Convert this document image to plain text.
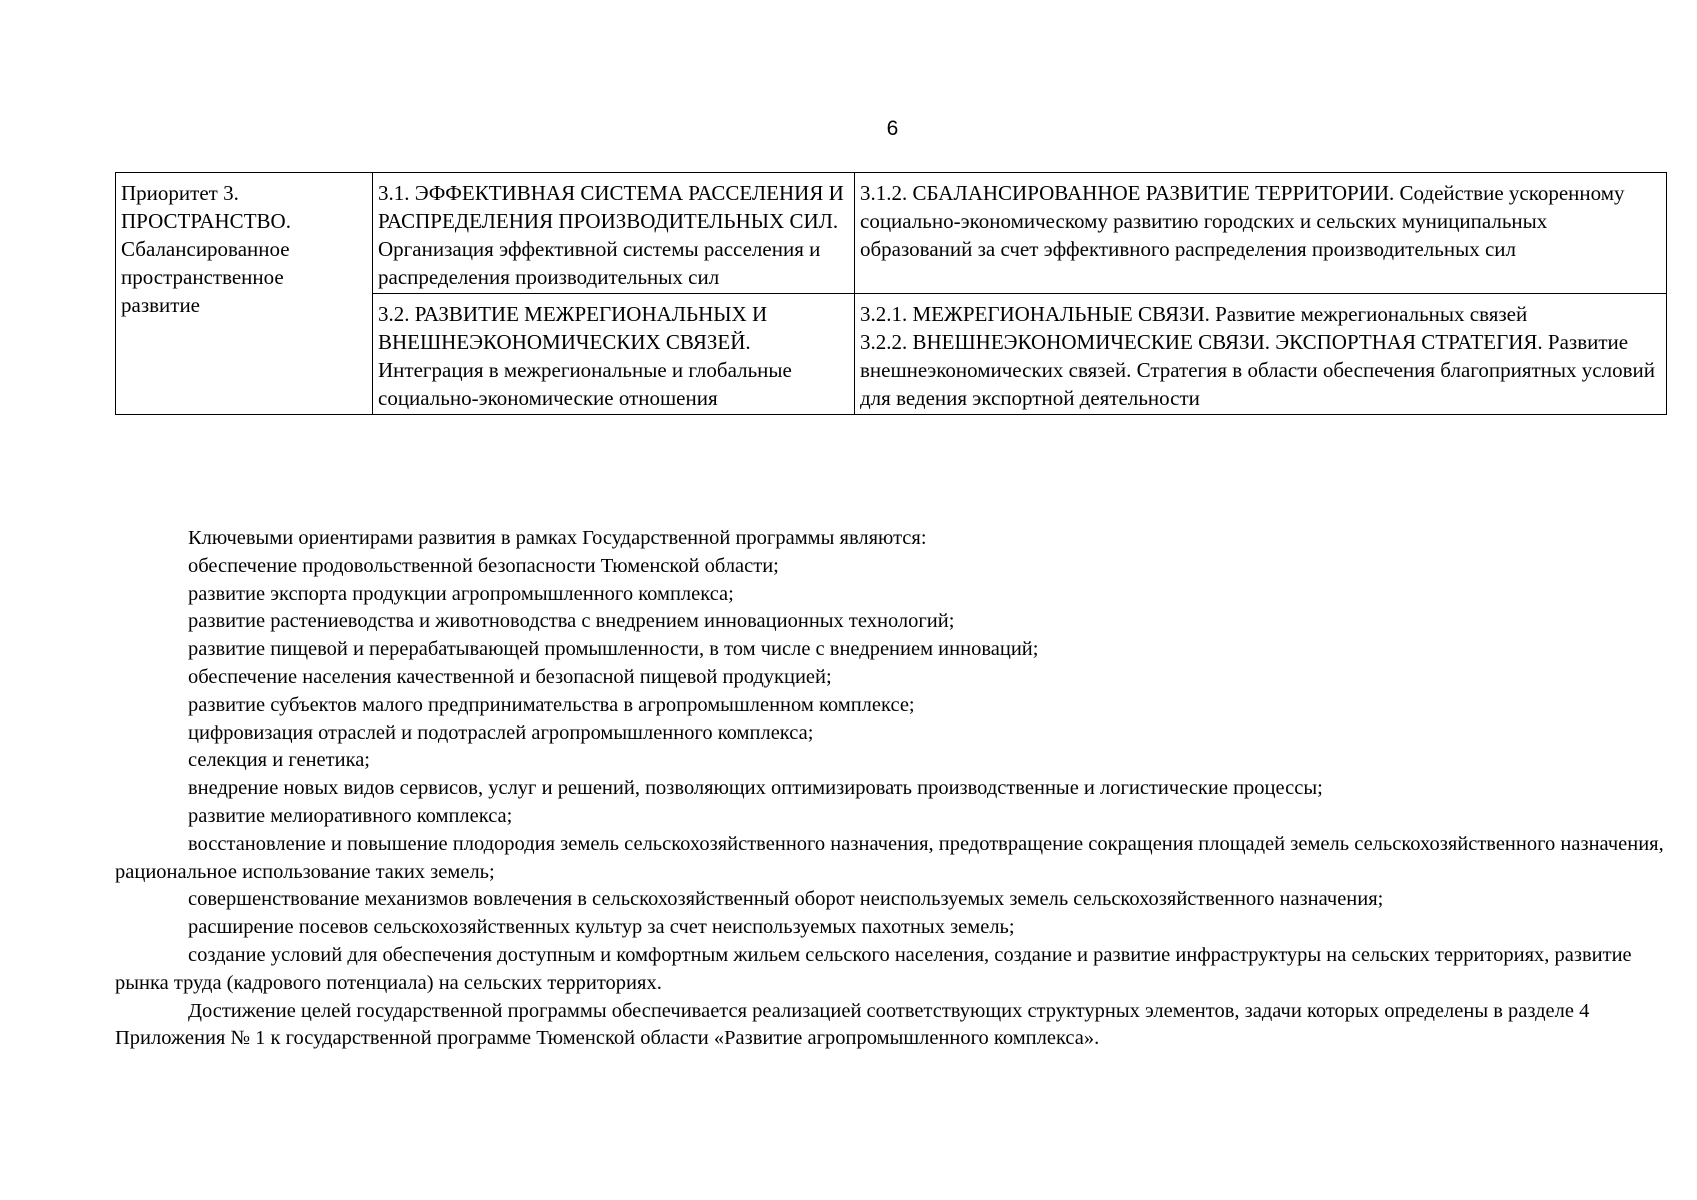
6
Приоритет 3. ПРОСТРАНСТВО. Сбалансированное пространственное развитие	3.1. ЭФФЕКТИВНАЯ СИСТЕМА РАССЕЛЕНИЯ И РАСПРЕДЕЛЕНИЯ ПРОИЗВОДИТЕЛЬНЫХ СИЛ. Организация эффективной системы расселения и распределения производительных сил	3.1.2. СБАЛАНСИРОВАННОЕ РАЗВИТИЕ ТЕРРИТОРИИ. Содействие ускоренному социально-экономическому развитию городских и сельских муниципальных образований за счет эффективного распределения производительных сил

	3.2. РАЗВИТИЕ МЕЖРЕГИОНАЛЬНЫХ И ВНЕШНЕЭКОНОМИЧЕСКИХ СВЯЗЕЙ. Интеграция в межрегиональные и глобальные социально-экономические отношения	3.2.1. МЕЖРЕГИОНАЛЬНЫЕ СВЯЗИ. Развитие межрегиональных связей
3.2.2. ВНЕШНЕЭКОНОМИЧЕСКИЕ СВЯЗИ. ЭКСПОРТНАЯ СТРАТЕГИЯ. Развитие внешнеэкономических связей. Стратегия в области обеспечения благоприятных условий для ведения экспортной деятельности

Ключевыми ориентирами развития в рамках Государственной программы являются:

обеспечение продовольственной безопасности Тюменской области;

развитие экспорта продукции агропромышленного комплекса;

развитие растениеводства и животноводства с внедрением инновационных технологий;

развитие пищевой и перерабатывающей промышленности, в том числе с внедрением инноваций;

обеспечение населения качественной и безопасной пищевой продукцией;

развитие субъектов малого предпринимательства в агропромышленном комплексе;

цифровизация отраслей и подотраслей агропромышленного комплекса;

селекция и генетика;

внедрение новых видов сервисов, услуг и решений, позволяющих оптимизировать производственные и логистические процессы;

развитие мелиоративного комплекса;

восстановление и повышение плодородия земель сельскохозяйственного назначения, предотвращение сокращения площадей земель сельскохозяйственного назначения, рациональное использование таких земель;

совершенствование механизмов вовлечения в сельскохозяйственный оборот неиспользуемых земель сельскохозяйственного назначения;

расширение посевов сельскохозяйственных культур за счет неиспользуемых пахотных земель;

создание условий для обеспечения доступным и комфортным жильем сельского населения, создание и развитие инфраструктуры на сельских территориях, развитие рынка труда (кадрового потенциала) на сельских территориях.

Достижение целей государственной программы обеспечивается реализацией соответствующих структурных элементов, задачи которых определены в разделе 4 Приложения № 1 к государственной программе Тюменской области «Развитие агропромышленного комплекса».
